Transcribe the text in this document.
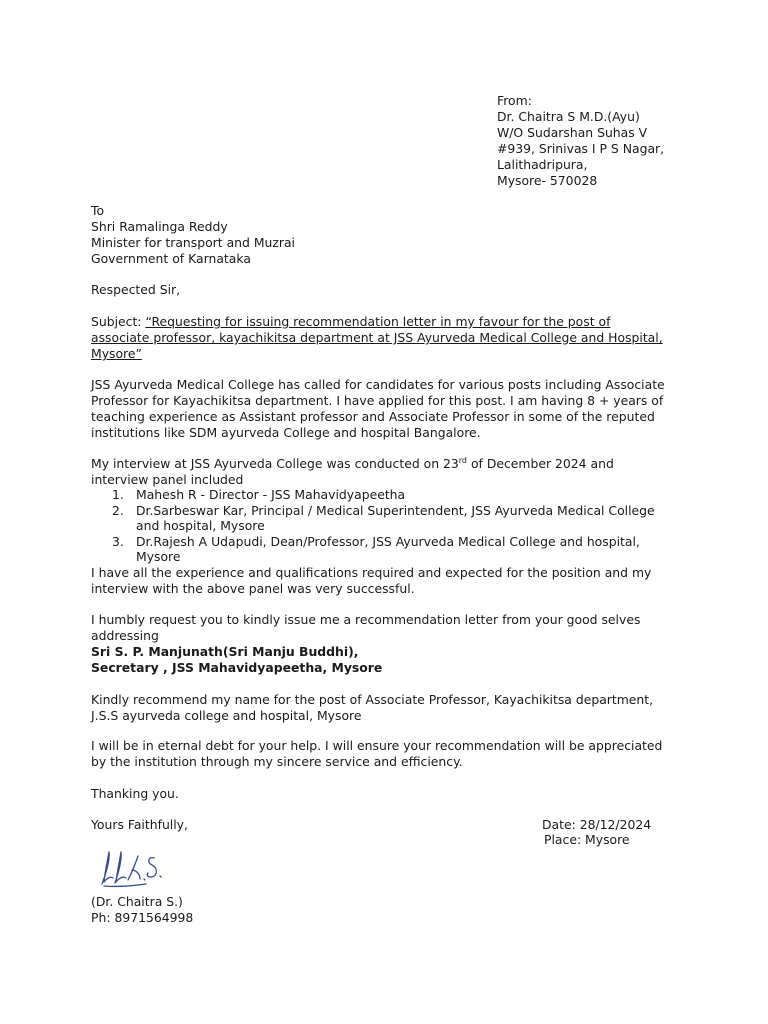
From:
Dr. Chaitra S M.D.(Ayu)
W/O Sudarshan Suhas V
#939, Srinivas I P S Nagar,
Lalithadripura,
Mysore- 570028
To
Shri Ramalinga Reddy
Minister for transport and Muzrai
Government of Karnataka
Respected Sir,
Subject: “Requesting for issuing recommendation letter in my favour for the post of
associate professor, kayachikitsa department at JSS Ayurveda Medical College and Hospital,
Mysore”
JSS Ayurveda Medical College has called for candidates for various posts including Associate
Professor for Kayachikitsa department. I have applied for this post. I am having 8 + years of
teaching experience as Assistant professor and Associate Professor in some of the reputed
institutions like SDM ayurveda College and hospital Bangalore.
My interview at JSS Ayurveda College was conducted on 23rd of December 2024 and
interview panel included
1. Mahesh R - Director - JSS Mahavidyapeetha
2. Dr.Sarbeswar Kar, Principal / Medical Superintendent, JSS Ayurveda Medical College
and hospital, Mysore
3. Dr.Rajesh A Udapudi, Dean/Professor, JSS Ayurveda Medical College and hospital,
Mysore
I have all the experience and qualifications required and expected for the position and my
interview with the above panel was very successful.
I humbly request you to kindly issue me a recommendation letter from your good selves
addressing
Sri S. P. Manjunath(Sri Manju Buddhi),
Secretary , JSS Mahavidyapeetha, Mysore
Kindly recommend my name for the post of Associate Professor, Kayachikitsa department,
J.S.S ayurveda college and hospital, Mysore
I will be in eternal debt for your help. I will ensure your recommendation will be appreciated
by the institution through my sincere service and efficiency.
Thanking you.
Yours Faithfully,	Date: 28/12/2024
Place: Mysore
(Dr. Chaitra S.)
Ph: 8971564998
